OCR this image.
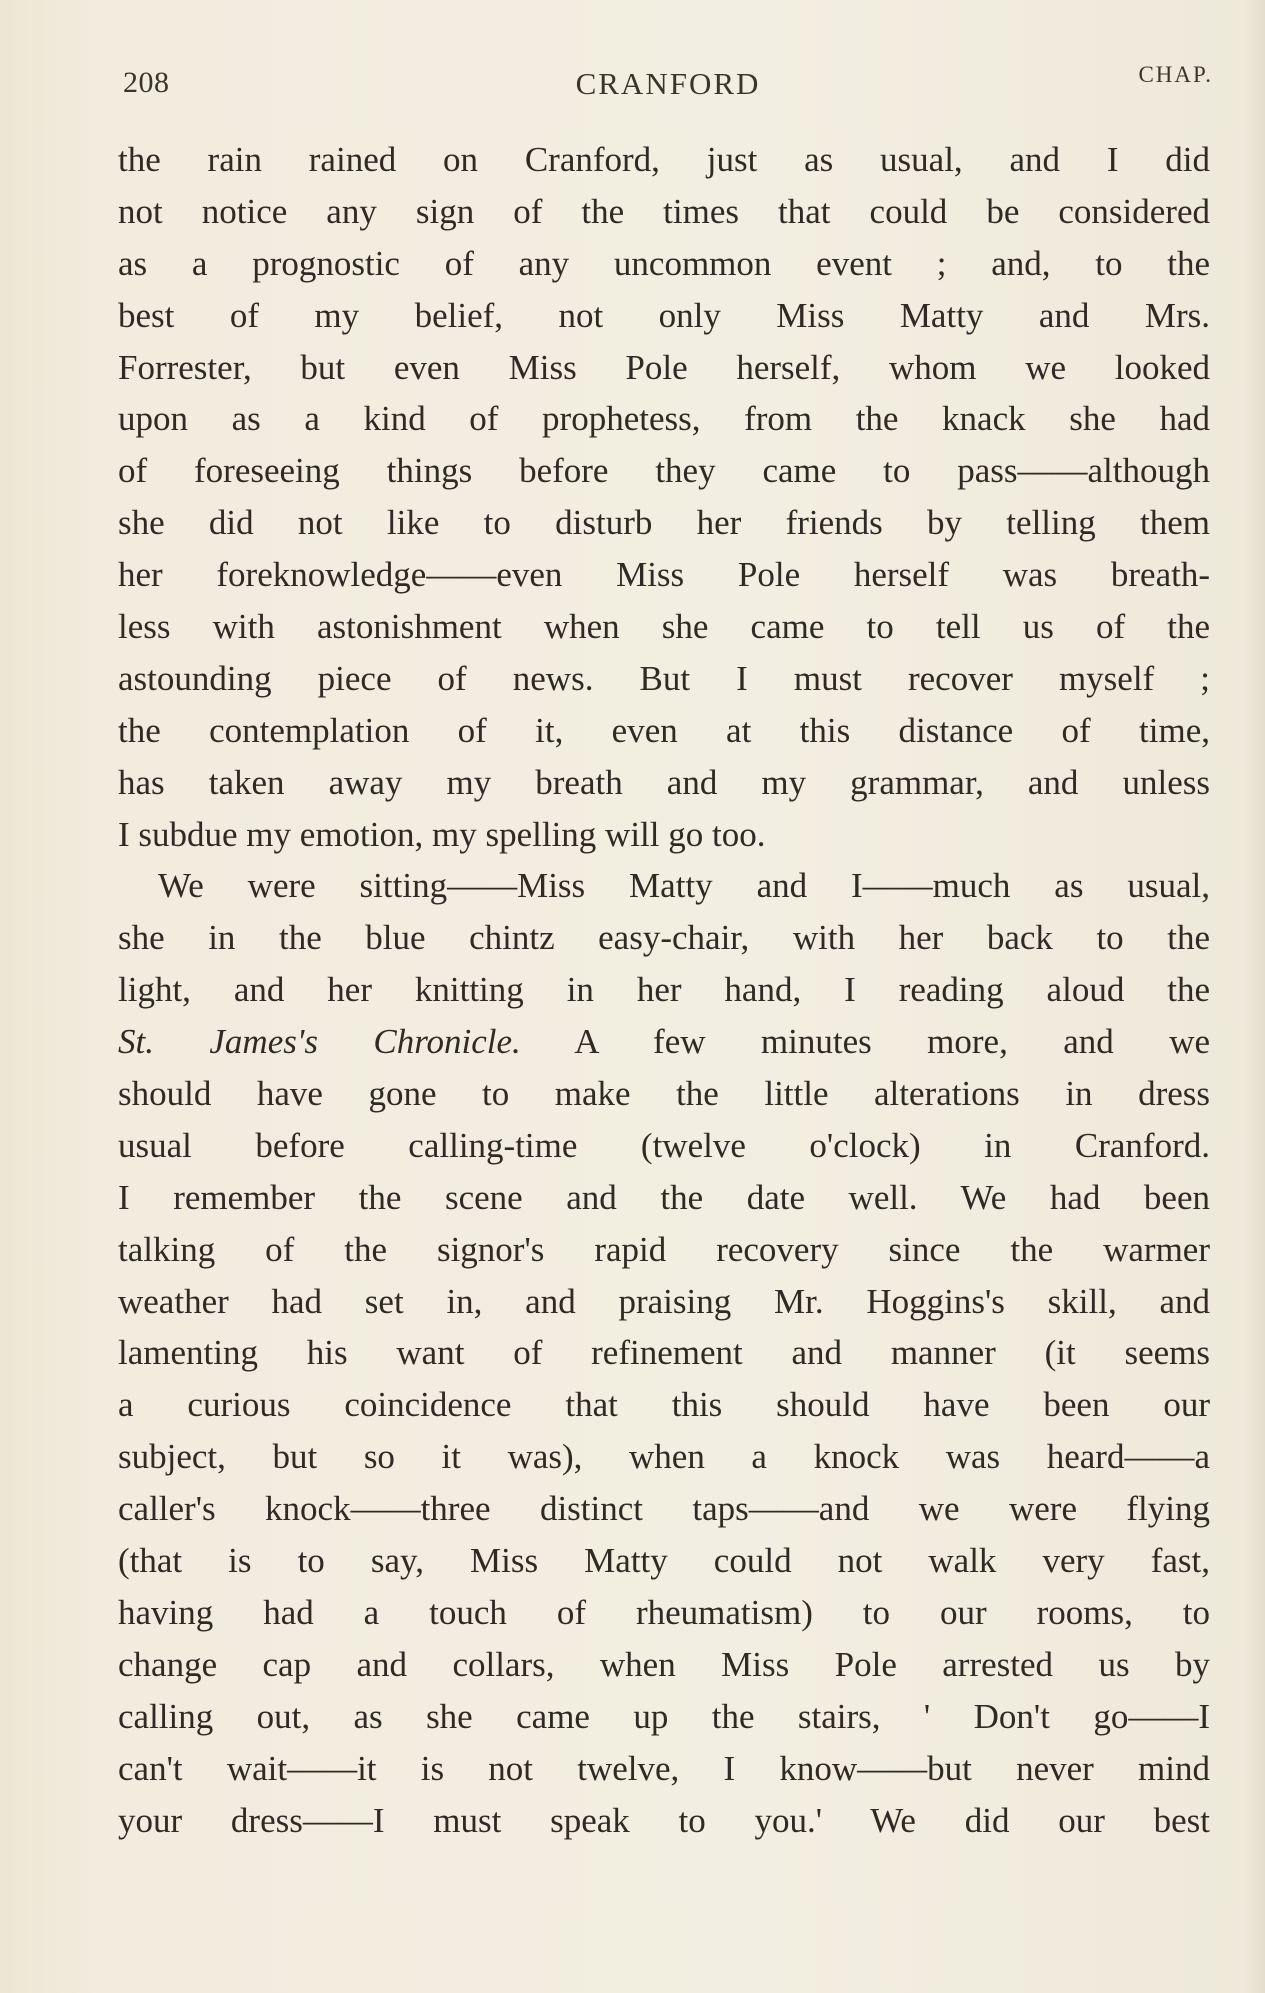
208	CRANFORD	CHAP.
the rain rained on Cranford, just as usual, and I did
not notice any sign of the times that could be considered
as a prognostic of any uncommon event ; and, to the
best of my belief, not only Miss Matty and Mrs.
Forrester, but even Miss Pole herself, whom we looked
upon as a kind of prophetess, from the knack she had
of foreseeing things before they came to pass——although
she did not like to disturb her friends by telling them
her foreknowledge——even Miss Pole herself was breath-
less with astonishment when she came to tell us of the
astounding piece of news. But I must recover myself ;
the contemplation of it, even at this distance of time,
has taken away my breath and my grammar, and unless
I subdue my emotion, my spelling will go too.
We were sitting——Miss Matty and I——much as usual,
she in the blue chintz easy-chair, with her back to the
light, and her knitting in her hand, I reading aloud the
St. James's Chronicle. A few minutes more, and we
should have gone to make the little alterations in dress
usual before calling-time (twelve o'clock) in Cranford.
I remember the scene and the date well. We had been
talking of the signor's rapid recovery since the warmer
weather had set in, and praising Mr. Hoggins's skill, and
lamenting his want of refinement and manner (it seems
a curious coincidence that this should have been our
subject, but so it was), when a knock was heard——a
caller's knock——three distinct taps——and we were flying
(that is to say, Miss Matty could not walk very fast,
having had a touch of rheumatism) to our rooms, to
change cap and collars, when Miss Pole arrested us by
calling out, as she came up the stairs, ' Don't go——I
can't wait——it is not twelve, I know——but never mind
your dress——I must speak to you.' We did our best
